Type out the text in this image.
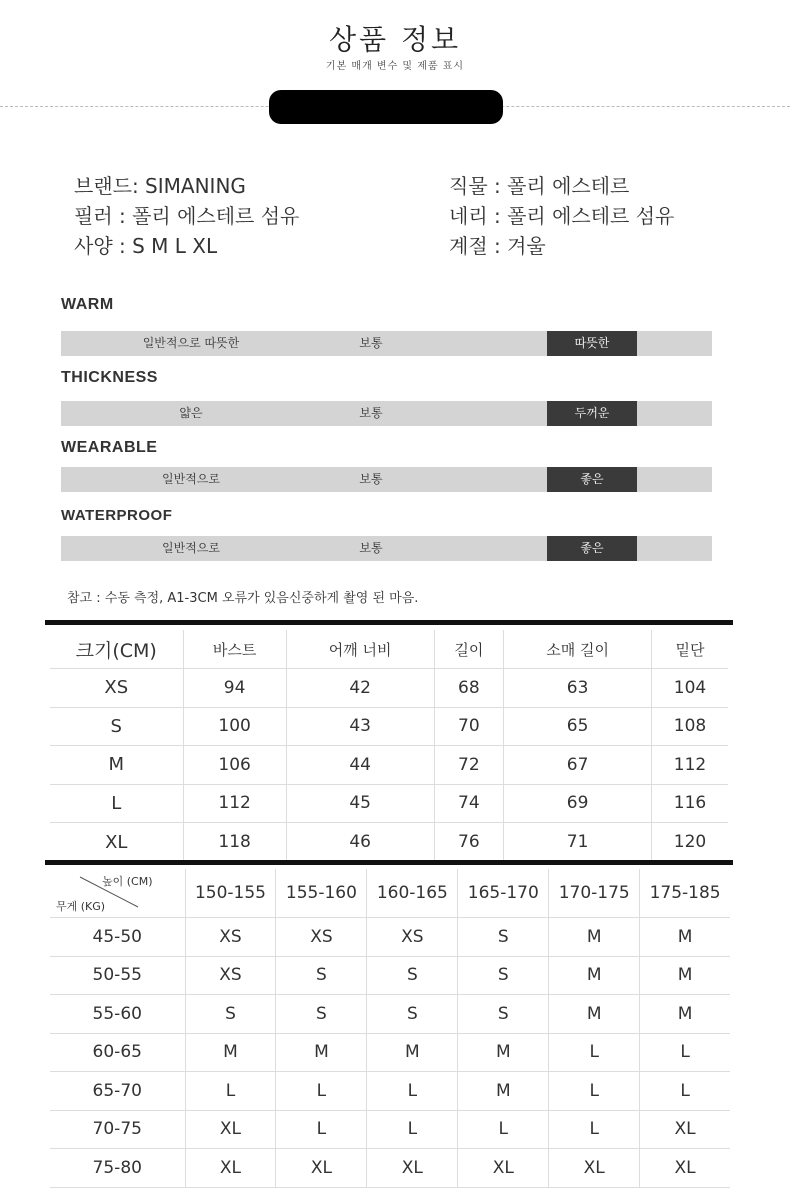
상품 정보
기본 매개 변수 및 제품 표시
브랜드: SIMANING	직물 : 폴리 에스테르
필러 : 폴리 에스테르 섬유	네리 : 폴리 에스테르 섬유
사양 : S M L XL	계절 : 겨울
WARM
일반적으로 따뜻한	보통	따뜻한
THICKNESS
얇은	보통	두꺼운
WEARABLE
일반적으로	보통	좋은
WATERPROOF
일반적으로	보통	좋은
참고 : 수동 측정, A1-3CM 오류가 있음신중하게 촬영 된 마음.
크기(CM)	바스트	어깨 너비	길이	소매 길이	밑단
XS	94	42	68	63	104
S	100	43	70	65	108
M	106	44	72	67	112
L	112	45	74	69	116
XL	118	46	76	71	120
높이 (CM)
무게 (KG)	150-155	155-160	160-165	165-170	170-175	175-185
45-50	XS	XS	XS	S	M	M
50-55	XS	S	S	S	M	M
55-60	S	S	S	S	M	M
60-65	M	M	M	M	L	L
65-70	L	L	L	M	L	L
70-75	XL	L	L	L	L	XL
75-80	XL	XL	XL	XL	XL	XL
